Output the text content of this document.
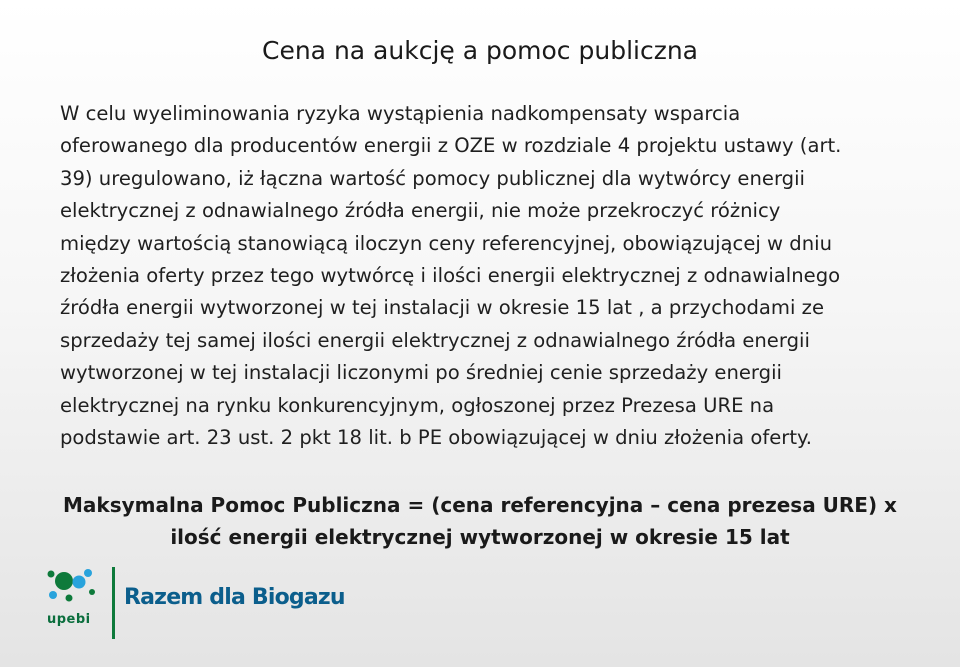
Cena na aukcję a pomoc publiczna
W celu wyeliminowania ryzyka wystąpienia nadkompensaty wsparcia
oferowanego dla producentów energii z OZE w rozdziale 4 projektu ustawy (art.
39) uregulowano, iż łączna wartość pomocy publicznej dla wytwórcy energii
elektrycznej z odnawialnego źródła energii, nie może przekroczyć różnicy
między wartością stanowiącą iloczyn ceny referencyjnej, obowiązującej w dniu
złożenia oferty przez tego wytwórcę i ilości energii elektrycznej z odnawialnego
źródła energii wytworzonej w tej instalacji w okresie 15 lat , a przychodami ze
sprzedaży tej samej ilości energii elektrycznej z odnawialnego źródła energii
wytworzonej w tej instalacji liczonymi po średniej cenie sprzedaży energii
elektrycznej na rynku konkurencyjnym, ogłoszonej przez Prezesa URE na
podstawie art. 23 ust. 2 pkt 18 lit. b PE obowiązującej w dniu złożenia oferty.
Maksymalna Pomoc Publiczna = (cena referencyjna – cena prezesa URE) x
ilość energii elektrycznej wytworzonej w okresie 15 lat
upebi
Razem dla Biogazu
